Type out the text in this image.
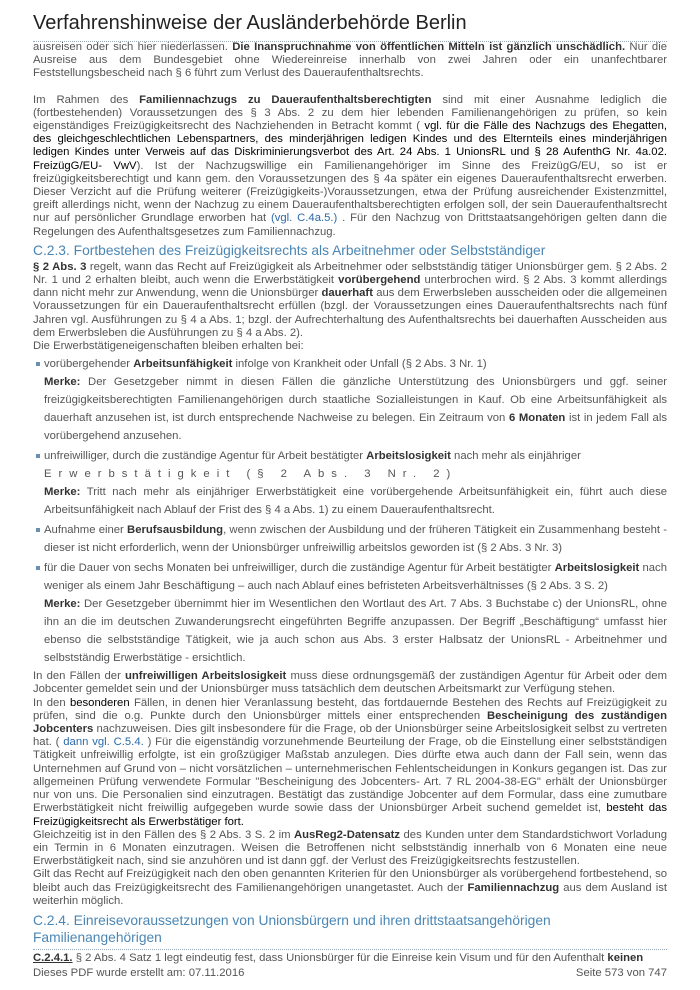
Verfahrenshinweise der Ausländerbehörde Berlin

ausreisen oder sich hier niederlassen. Die Inanspruchnahme von öffentlichen Mitteln ist gänzlich unschädlich. Nur die Ausreise aus dem Bundesgebiet ohne Wiedereinreise innerhalb von zwei Jahren oder ein unanfechtbarer Feststellungsbescheid nach § 6 führt zum Verlust des Daueraufenthaltsrechts.

Im Rahmen des Familiennachzugs zu Daueraufenthaltsberechtigten sind mit einer Ausnahme lediglich die (fortbestehenden) Voraussetzungen des § 3 Abs. 2 zu dem hier lebenden Familienangehörigen zu prüfen, so kein eigenständiges Freizügigkeitsrecht des Nachziehenden in Betracht kommt ( vgl. für die Fälle des Nachzugs des Ehegatten, des gleichgeschlechtlichen Lebenspartners, des minderjährigen ledigen Kindes und des Elternteils eines minderjährigen ledigen Kindes unter Verweis auf das Diskriminierungsverbot des Art. 24 Abs. 1 UnionsRL und § 28 AufenthG Nr. 4a.02. FreizügG/EU- VwV). Ist der Nachzugswillige ein Familienangehöriger im Sinne des FreizügG/EU, so ist er freizügigkeitsberechtigt und kann gem. den Voraussetzungen des § 4a später ein eigenes Daueraufenthaltsrecht erwerben. Dieser Verzicht auf die Prüfung weiterer (Freizügigkeits-)Voraussetzungen, etwa der Prüfung ausreichender Existenzmittel, greift allerdings nicht, wenn der Nachzug zu einem Daueraufenthaltsberechtigten erfolgen soll, der sein Daueraufenthaltsrecht nur auf persönlicher Grundlage erworben hat (vgl. C.4a.5.) . Für den Nachzug von Drittstaatsangehörigen gelten dann die Regelungen des Aufenthaltsgesetzes zum Familiennachzug.

C.2.3. Fortbestehen des Freizügigkeitsrechts als Arbeitnehmer oder Selbstständiger

§ 2 Abs. 3 regelt, wann das Recht auf Freizügigkeit als Arbeitnehmer oder selbstständig tätiger Unionsbürger gem. § 2 Abs. 2 Nr. 1 und 2 erhalten bleibt, auch wenn die Erwerbstätigkeit vorübergehend unterbrochen wird. § 2 Abs. 3 kommt allerdings dann nicht mehr zur Anwendung, wenn die Unionsbürger dauerhaft aus dem Erwerbsleben ausscheiden oder die allgemeinen Voraussetzungen für ein Daueraufenthaltsrecht erfüllen (bzgl. der Voraussetzungen eines Daueraufenthaltsrechts nach fünf Jahren vgl. Ausführungen zu § 4 a Abs. 1; bzgl. der Aufrechterhaltung des Aufenthaltsrechts bei dauerhaften Ausscheiden aus dem Erwerbsleben die Ausführungen zu § 4 a Abs. 2).

Die Erwerbstätigeneigenschaften bleiben erhalten bei:

vorübergehender Arbeitsunfähigkeit infolge von Krankheit oder Unfall (§ 2 Abs. 3 Nr. 1)
Merke: Der Gesetzgeber nimmt in diesen Fällen die gänzliche Unterstützung des Unionsbürgers und ggf. seiner freizügigkeitsberechtigten Familienangehörigen durch staatliche Sozialleistungen in Kauf. Ob eine Arbeitsunfähigkeit als dauerhaft anzusehen ist, ist durch entsprechende Nachweise zu belegen. Ein Zeitraum von 6 Monaten ist in jedem Fall als vorübergehend anzusehen.
unfreiwilliger, durch die zuständige Agentur für Arbeit bestätigter Arbeitslosigkeit nach mehr als einjähriger
Erwerbstätigkeit (§ 2 Abs. 3 Nr. 2)
Merke: Tritt nach mehr als einjähriger Erwerbstätigkeit eine vorübergehende Arbeitsunfähigkeit ein, führt auch diese Arbeitsunfähigkeit nach Ablauf der Frist des § 4 a Abs. 1) zu einem Daueraufenthaltsrecht.
Aufnahme einer Berufsausbildung, wenn zwischen der Ausbildung und der früheren Tätigkeit ein Zusammenhang besteht - dieser ist nicht erforderlich, wenn der Unionsbürger unfreiwillig arbeitslos geworden ist (§ 2 Abs. 3 Nr. 3)
für die Dauer von sechs Monaten bei unfreiwilliger, durch die zuständige Agentur für Arbeit bestätigter Arbeitslosigkeit nach weniger als einem Jahr Beschäftigung – auch nach Ablauf eines befristeten Arbeitsverhältnisses (§ 2 Abs. 3 S. 2)
Merke: Der Gesetzgeber übernimmt hier im Wesentlichen den Wortlaut des Art. 7 Abs. 3 Buchstabe c) der UnionsRL, ohne ihn an die im deutschen Zuwanderungsrecht eingeführten Begriffe anzupassen. Der Begriff „Beschäftigung“ umfasst hier ebenso die selbstständige Tätigkeit, wie ja auch schon aus Abs. 3 erster Halbsatz der UnionsRL - Arbeitnehmer und selbstständig Erwerbstätige - ersichtlich.

In den Fällen der unfreiwilligen Arbeitslosigkeit muss diese ordnungsgemäß der zuständigen Agentur für Arbeit oder dem Jobcenter gemeldet sein und der Unionsbürger muss tatsächlich dem deutschen Arbeitsmarkt zur Verfügung stehen.

In den besonderen Fällen, in denen hier Veranlassung besteht, das fortdauernde Bestehen des Rechts auf Freizügigkeit zu prüfen, sind die o.g. Punkte durch den Unionsbürger mittels einer entsprechenden Bescheinigung des zuständigen Jobcenters nachzuweisen. Dies gilt insbesondere für die Frage, ob der Unionsbürger seine Arbeitslosigkeit selbst zu vertreten hat. ( dann vgl. C.5.4. ) Für die eigenständig vorzunehmende Beurteilung der Frage, ob die Einstellung einer selbstständigen Tätigkeit unfreiwillig erfolgte, ist ein großzügiger Maßstab anzulegen. Dies dürfte etwa auch dann der Fall sein, wenn das Unternehmen auf Grund von – nicht vorsätzlichen – unternehmerischen Fehlentscheidungen in Konkurs gegangen ist. Das zur allgemeinen Prüfung verwendete Formular "Bescheinigung des Jobcenters- Art. 7 RL 2004-38-EG" erhält der Unionsbürger nur von uns. Die Personalien sind einzutragen. Bestätigt das zuständige Jobcenter auf dem Formular, dass eine zumutbare Erwerbstätigkeit nicht freiwillig aufgegeben wurde sowie dass der Unionsbürger Arbeit suchend gemeldet ist, besteht das Freizügigkeitsrecht als Erwerbstätiger fort.

Gleichzeitig ist in den Fällen des § 2 Abs. 3 S. 2 im AusReg2-Datensatz des Kunden unter dem Standardstichwort Vorladung ein Termin in 6 Monaten einzutragen. Weisen die Betroffenen nicht selbstständig innerhalb von 6 Monaten eine neue Erwerbstätigkeit nach, sind sie anzuhören und ist dann ggf. der Verlust des Freizügigkeitsrechts festzustellen.

Gilt das Recht auf Freizügigkeit nach den oben genannten Kriterien für den Unionsbürger als vorübergehend fortbestehend, so bleibt auch das Freizügigkeitsrecht des Familienangehörigen unangetastet. Auch der Familiennachzug aus dem Ausland ist weiterhin möglich.

C.2.4. Einreisevoraussetzungen von Unionsbürgern und ihren drittstaatsangehörigen Familienangehörigen

C.2.4.1. § 2 Abs. 4 Satz 1 legt eindeutig fest, dass Unionsbürger für die Einreise kein Visum und für den Aufenthalt keinen

Dieses PDF wurde erstellt am: 07.11.2016	Seite 573 von 747
